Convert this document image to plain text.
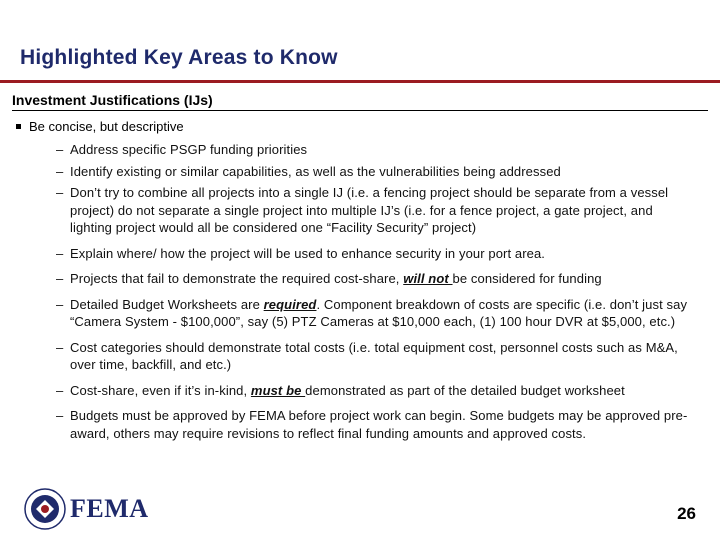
Highlighted Key Areas to Know
Investment Justifications (IJs)
Be concise, but descriptive
– Address specific PSGP funding priorities
– Identify existing or similar capabilities, as well as the vulnerabilities being addressed
– Don’t try to combine all projects into a single IJ (i.e. a fencing project should be separate from a vessel project) do not separate a single project into multiple IJ’s (i.e. for a fence project, a gate project, and lighting project would all be considered one “Facility Security” project)
– Explain where/ how the project will be used to enhance security in your port area.
– Projects that fail to demonstrate the required cost-share, will not be considered for funding
– Detailed Budget Worksheets are required. Component breakdown of costs are specific (i.e. don’t just say “Camera System - $100,000”, say (5) PTZ Cameras at $10,000 each, (1) 100 hour DVR at $5,000, etc.)
– Cost categories should demonstrate total costs (i.e. total equipment cost, personnel costs such as M&A, over time, backfill, and etc.)
– Cost-share, even if it’s in-kind, must be demonstrated as part of the detailed budget worksheet
– Budgets must be approved by FEMA before project work can begin. Some budgets may be approved pre-award, others may require revisions to reflect final funding amounts and approved costs.
FEMA	26
